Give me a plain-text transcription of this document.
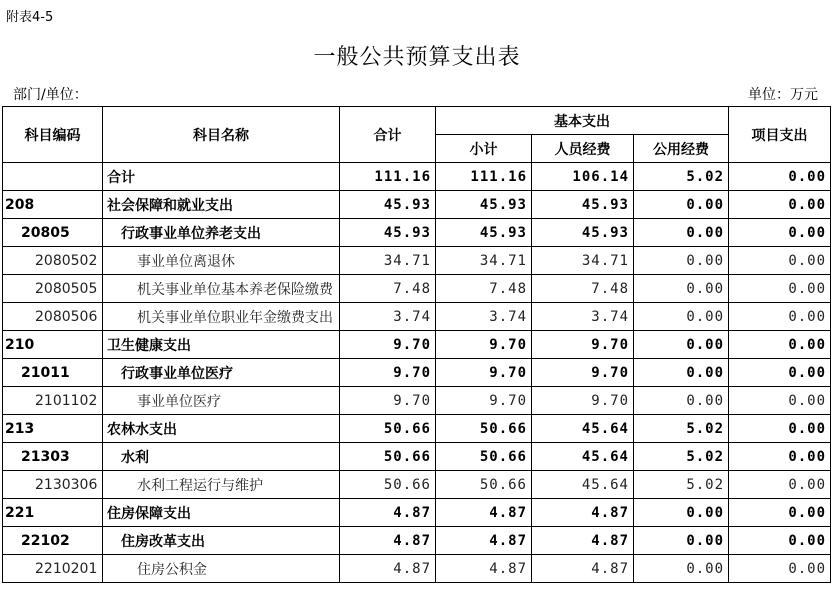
附表4-5
一般公共预算支出表
部门/单位：	单位：万元
科目编码	科目名称	合计	基本支出			项目支出
			小计	人员经费	公用经费	
	合计	111.16	111.16	106.14	5.02	0.00
208	社会保障和就业支出	45.93	45.93	45.93	0.00	0.00
20805	行政事业单位养老支出	45.93	45.93	45.93	0.00	0.00
2080502	事业单位离退休	34.71	34.71	34.71	0.00	0.00
2080505	机关事业单位基本养老保险缴费	7.48	7.48	7.48	0.00	0.00
2080506	机关事业单位职业年金缴费支出	3.74	3.74	3.74	0.00	0.00
210	卫生健康支出	9.70	9.70	9.70	0.00	0.00
21011	行政事业单位医疗	9.70	9.70	9.70	0.00	0.00
2101102	事业单位医疗	9.70	9.70	9.70	0.00	0.00
213	农林水支出	50.66	50.66	45.64	5.02	0.00
21303	水利	50.66	50.66	45.64	5.02	0.00
2130306	水利工程运行与维护	50.66	50.66	45.64	5.02	0.00
221	住房保障支出	4.87	4.87	4.87	0.00	0.00
22102	住房改革支出	4.87	4.87	4.87	0.00	0.00
2210201	住房公积金	4.87	4.87	4.87	0.00	0.00
